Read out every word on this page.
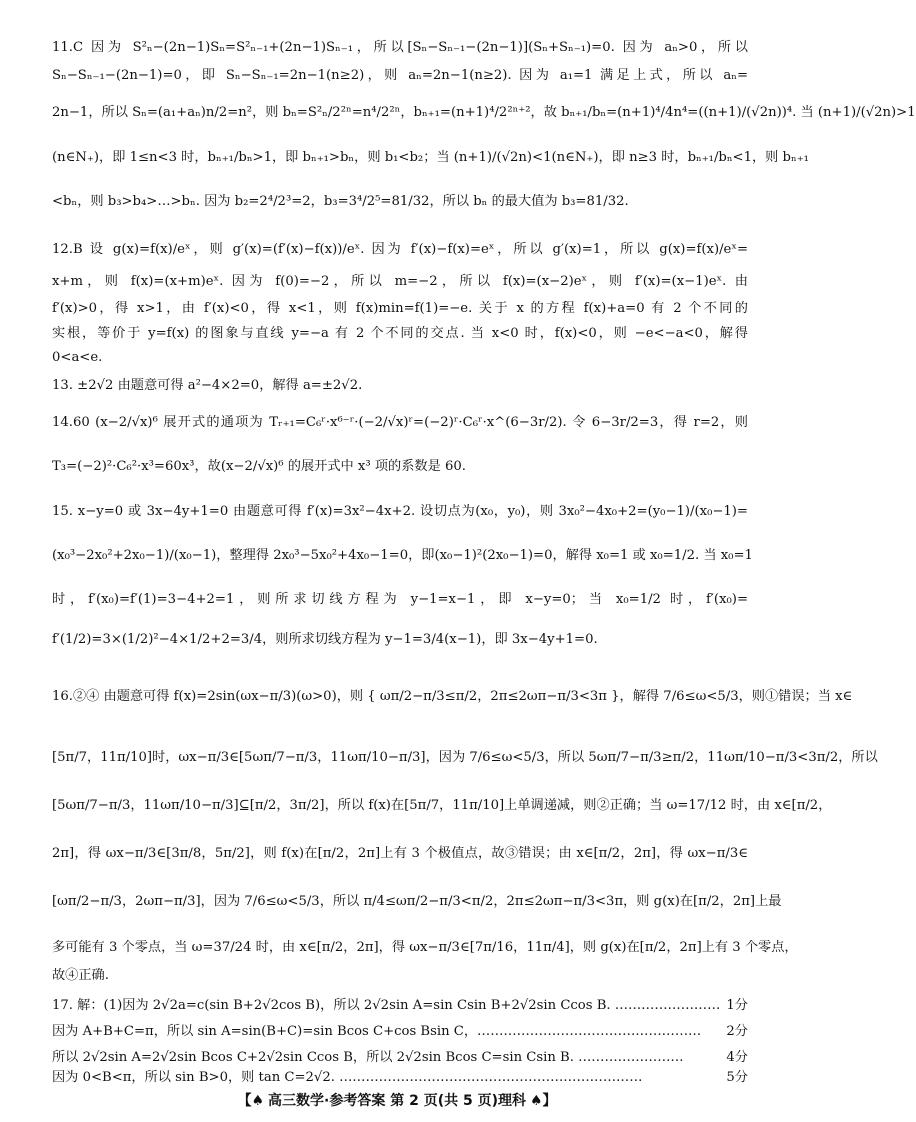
11.C 因为 S²ₙ−(2n−1)Sₙ=S²ₙ₋₁+(2n−1)Sₙ₋₁，所以[Sₙ−Sₙ₋₁−(2n−1)](Sₙ+Sₙ₋₁)=0. 因为 aₙ>0，所以
Sₙ−Sₙ₋₁−(2n−1)=0，即 Sₙ−Sₙ₋₁=2n−1(n≥2)，则 aₙ=2n−1(n≥2). 因为 a₁=1 满足上式，所以 aₙ=
2n−1，所以 Sₙ=(a₁+aₙ)n/2=n²，则 bₙ=S²ₙ/2²ⁿ=n⁴/2²ⁿ，bₙ₊₁=(n+1)⁴/2²ⁿ⁺²，故 bₙ₊₁/bₙ=(n+1)⁴/4n⁴=((n+1)/(√2n))⁴. 当 (n+1)/(√2n)>1
(n∈N₊)，即 1≤n<3 时，bₙ₊₁/bₙ>1，即 bₙ₊₁>bₙ，则 b₁<b₂；当 (n+1)/(√2n)<1(n∈N₊)，即 n≥3 时，bₙ₊₁/bₙ<1，则 bₙ₊₁
<bₙ，则 b₃>b₄>…>bₙ. 因为 b₂=2⁴/2³=2，b₃=3⁴/2⁵=81/32，所以 bₙ 的最大值为 b₃=81/32.
12.B 设 g(x)=f(x)/eˣ，则 g′(x)=(f′(x)−f(x))/eˣ. 因为 f′(x)−f(x)=eˣ，所以 g′(x)=1，所以 g(x)=f(x)/eˣ=
x+m，则 f(x)=(x+m)eˣ. 因为 f(0)=−2，所以 m=−2，所以 f(x)=(x−2)eˣ，则 f′(x)=(x−1)eˣ. 由
f′(x)>0，得 x>1，由 f′(x)<0，得 x<1，则 f(x)min=f(1)=−e. 关于 x 的方程 f(x)+a=0 有 2 个不同的
实根，等价于 y=f(x) 的图象与直线 y=−a 有 2 个不同的交点. 当 x<0 时，f(x)<0，则 −e<−a<0，解得
0<a<e.
13. ±2√2 由题意可得 a²−4×2=0，解得 a=±2√2.
14.60 (x−2/√x)⁶ 展开式的通项为 Tᵣ₊₁=C₆ʳ·x⁶⁻ʳ·(−2/√x)ʳ=(−2)ʳ·C₆ʳ·x^(6−3r/2). 令 6−3r/2=3，得 r=2，则
T₃=(−2)²·C₆²·x³=60x³，故(x−2/√x)⁶ 的展开式中 x³ 项的系数是 60.
15. x−y=0 或 3x−4y+1=0 由题意可得 f′(x)=3x²−4x+2. 设切点为(x₀，y₀)，则 3x₀²−4x₀+2=(y₀−1)/(x₀−1)=
(x₀³−2x₀²+2x₀−1)/(x₀−1)，整理得 2x₀³−5x₀²+4x₀−1=0，即(x₀−1)²(2x₀−1)=0，解得 x₀=1 或 x₀=1/2. 当 x₀=1
时，f′(x₀)=f′(1)=3−4+2=1，则所求切线方程为 y−1=x−1，即 x−y=0；当 x₀=1/2 时，f′(x₀)=
f′(1/2)=3×(1/2)²−4×1/2+2=3/4，则所求切线方程为 y−1=3/4(x−1)，即 3x−4y+1=0.
16.②④ 由题意可得 f(x)=2sin(ωx−π/3)(ω>0)，则 { ωπ/2−π/3≤π/2，2π≤2ωπ−π/3<3π }，解得 7/6≤ω<5/3，则①错误；当 x∈
[5π/7，11π/10]时，ωx−π/3∈[5ωπ/7−π/3，11ωπ/10−π/3]，因为 7/6≤ω<5/3，所以 5ωπ/7−π/3≥π/2，11ωπ/10−π/3<3π/2，所以
[5ωπ/7−π/3，11ωπ/10−π/3]⊆[π/2，3π/2]，所以 f(x)在[5π/7，11π/10]上单调递减，则②正确；当 ω=17/12 时，由 x∈[π/2，
2π]，得 ωx−π/3∈[3π/8，5π/2]，则 f(x)在[π/2，2π]上有 3 个极值点，故③错误；由 x∈[π/2，2π]，得 ωx−π/3∈
[ωπ/2−π/3，2ωπ−π/3]，因为 7/6≤ω<5/3，所以 π/4≤ωπ/2−π/3<π/2，2π≤2ωπ−π/3<3π，则 g(x)在[π/2，2π]上最
多可能有 3 个零点，当 ω=37/24 时，由 x∈[π/2，2π]，得 ωx−π/3∈[7π/16，11π/4]，则 g(x)在[π/2，2π]上有 3 个零点，
故④正确.
17. 解：(1)因为 2√2a=c(sin B+2√2cos B)，所以 2√2sin A=sin Csin B+2√2sin Ccos B. …………………… 1分
因为 A+B+C=π，所以 sin A=sin(B+C)=sin Bcos C+cos Bsin C，…………………………………………… 2分
所以 2√2sin A=2√2sin Bcos C+2√2sin Ccos B，所以 2√2sin Bcos C=sin Csin B. ……………………	4分
因为 0<B<π，所以 sin B>0，则 tan C=2√2. ……………………………………………………………	5分
【♠ 高三数学·参考答案 第 2 页(共 5 页)理科 ♠】
